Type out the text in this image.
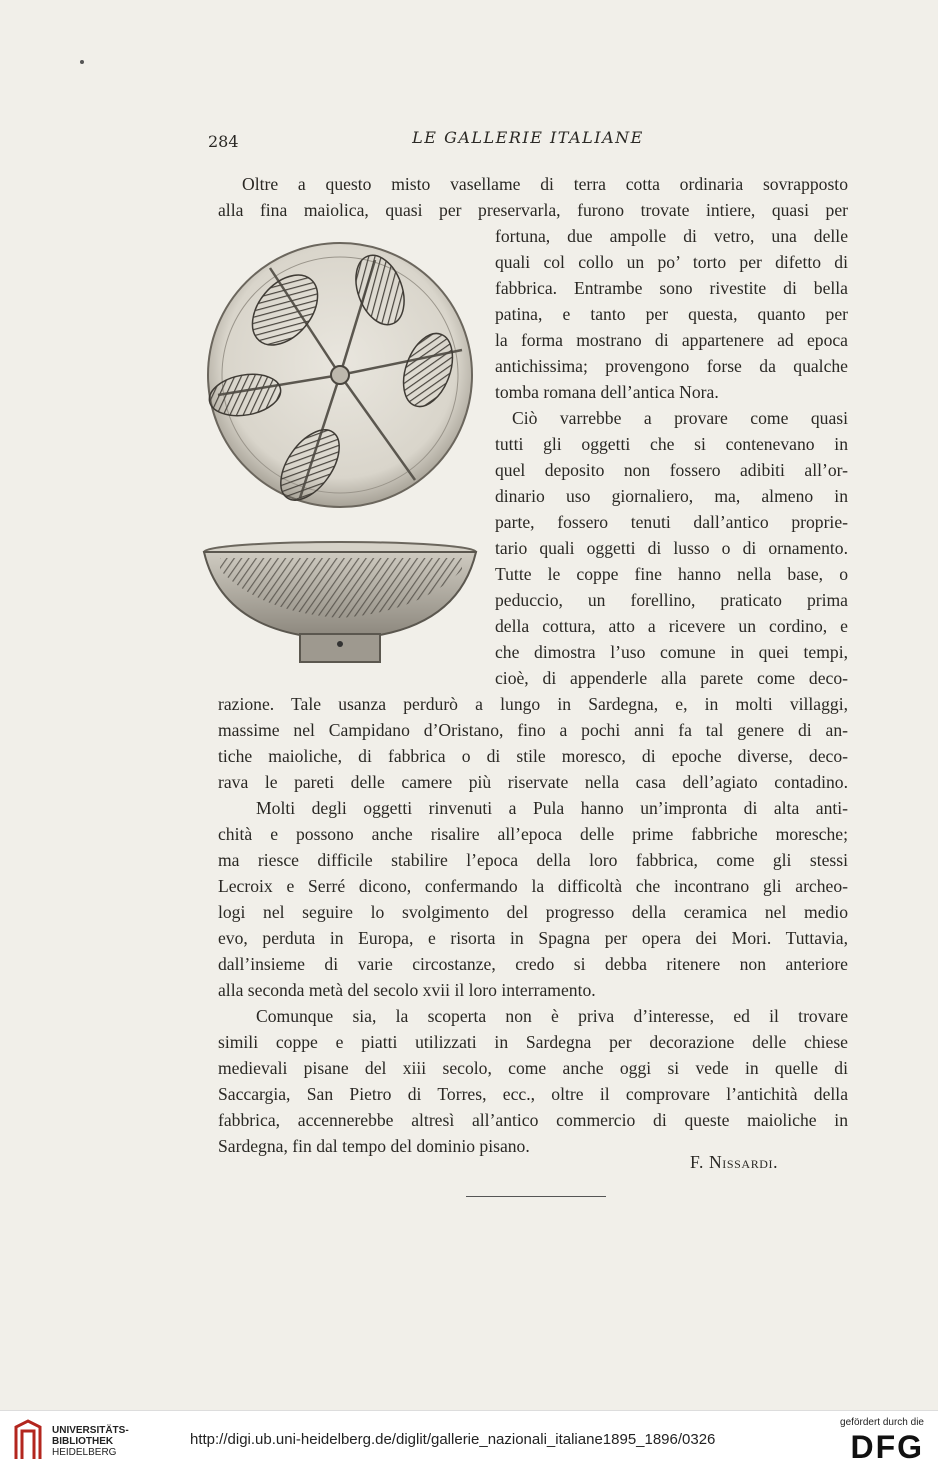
284	LE GALLERIE ITALIANE
Oltre a questo misto vasellame di terra cotta ordinaria sovrapposto
alla fina maiolica, quasi per preservarla, furono trovate intiere, quasi per
fortuna, due ampolle di vetro, una delle
quali col collo un po’ torto per difetto di
fabbrica. Entrambe sono rivestite di bella
patina, e tanto per questa, quanto per
la forma mostrano di appartenere ad epoca
antichissima; provengono forse da qualche
tomba romana dell’antica Nora.
Ciò varrebbe a provare come quasi
tutti gli oggetti che si contenevano in
quel deposito non fossero adibiti all’or-
dinario uso giornaliero, ma, almeno in
parte, fossero tenuti dall’antico proprie-
tario quali oggetti di lusso o di ornamento.
Tutte le coppe fine hanno nella base, o
peduccio, un forellino, praticato prima
della cottura, atto a ricevere un cordino, e
che dimostra l’uso comune in quei tempi,
cioè, di appenderle alla parete come deco-
razione. Tale usanza perdurò a lungo in Sardegna, e, in molti villaggi,
massime nel Campidano d’Oristano, fino a pochi anni fa tal genere di an-
tiche maioliche, di fabbrica o di stile moresco, di epoche diverse, deco-
rava le pareti delle camere più riservate nella casa dell’agiato contadino.
Molti degli oggetti rinvenuti a Pula hanno un’impronta di alta anti-
chità e possono anche risalire all’epoca delle prime fabbriche moresche;
ma riesce difficile stabilire l’epoca della loro fabbrica, come gli stessi
Lecroix e Serré dicono, confermando la difficoltà che incontrano gli archeo-
logi nel seguire lo svolgimento del progresso della ceramica nel medio
evo, perduta in Europa, e risorta in Spagna per opera dei Mori. Tuttavia,
dall’insieme di varie circostanze, credo si debba ritenere non anteriore
alla seconda metà del secolo xvii il loro interramento.
Comunque sia, la scoperta non è priva d’interesse, ed il trovare
simili coppe e piatti utilizzati in Sardegna per decorazione delle chiese
medievali pisane del xiii secolo, come anche oggi si vede in quelle di
Saccargia, San Pietro di Torres, ecc., oltre il comprovare l’antichità della
fabbrica, accennerebbe altresì all’antico commercio di queste maioliche in
Sardegna, fin dal tempo del dominio pisano.
F. Nissardi.
UNIVERSITÄTS-
BIBLIOTHEK
HEIDELBERG
http://digi.ub.uni-heidelberg.de/diglit/gallerie_nazionali_italiane1895_1896/0326
gefördert durch die
DFG
